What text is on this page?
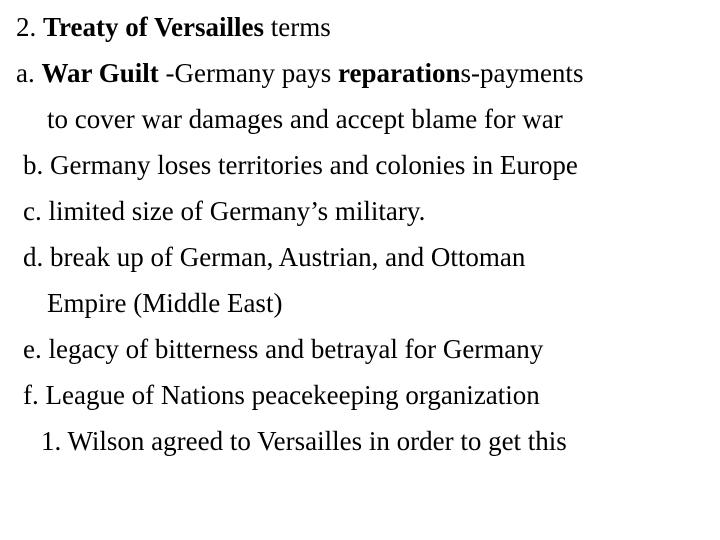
2. Treaty of Versailles terms
a. War Guilt -Germany pays reparations-payments
to cover war damages and accept blame for war
b. Germany loses territories and colonies in Europe
c. limited size of Germany’s military.
d. break up of German, Austrian, and Ottoman
Empire (Middle East)
e. legacy of bitterness and betrayal for Germany
f. League of Nations peacekeeping organization
1. Wilson agreed to Versailles in order to get this
